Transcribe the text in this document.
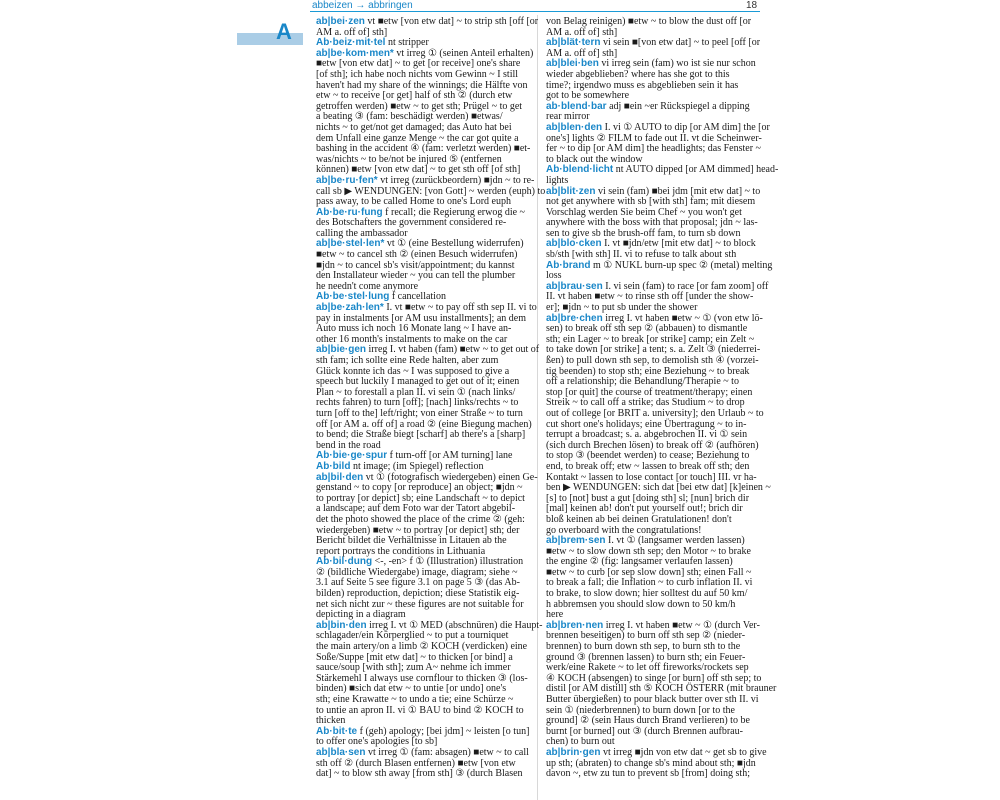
abbeizen → abbringen	18
A ab|bei·zen vt ■etw [von etw dat] ~ to strip sth [off [or
AM a. off of] sth]
Ab·beiz·mit·tel nt stripper
ab|be·kom·men* vt irreg ① (seinen Anteil erhalten)
■etw [von etw dat] ~ to get [or receive] one's share
[of sth]; ich habe noch nichts vom Gewinn ~ I still
haven't had my share of the winnings; die Hälfte von
etw ~ to receive [or get] half of sth ② (durch etw
getroffen werden) ■etw ~ to get sth; Prügel ~ to get
a beating ③ (fam: beschädigt werden) ■etwas/
nichts ~ to get/not get damaged; das Auto hat bei
dem Unfall eine ganze Menge ~ the car got quite a
bashing in the accident ④ (fam: verletzt werden) ■et-
was/nichts ~ to be/not be injured ⑤ (entfernen
können) ■etw [von etw dat] ~ to get sth off [of sth]
ab|be·ru·fen* vt irreg (zurückbeordern) ■jdn ~ to re-
call sb ▶ WENDUNGEN: [von Gott] ~ werden (euph) to
pass away, to be called Home to one's Lord euph
Ab·be·ru·fung f recall; die Regierung erwog die ~
des Botschafters the government considered re-
calling the ambassador
ab|be·stel·len* vt ① (eine Bestellung widerrufen)
■etw ~ to cancel sth ② (einen Besuch widerrufen)
■jdn ~ to cancel sb's visit/appointment; du kannst
den Installateur wieder ~ you can tell the plumber
he needn't come anymore
Ab·be·stel·lung f cancellation
ab|be·zah·len* I. vt ■etw ~ to pay off sth sep II. vi to
pay in instalments [or AM usu installments]; an dem
Auto muss ich noch 16 Monate lang ~ I have an-
other 16 month's instalments to make on the car
ab|bie·gen irreg I. vt haben (fam) ■etw ~ to get out of
sth fam; ich sollte eine Rede halten, aber zum
Glück konnte ich das ~ I was supposed to give a
speech but luckily I managed to get out of it; einen
Plan ~ to forestall a plan II. vi sein ① (nach links/
rechts fahren) to turn [off]; [nach] links/rechts ~ to
turn [off to the] left/right; von einer Straße ~ to turn
off [or AM a. off of] a road ② (eine Biegung machen)
to bend; die Straße biegt [scharf] ab there's a [sharp]
bend in the road
Ab·bie·ge·spur f turn-off [or AM turning] lane
Ab·bild nt image; (im Spiegel) reflection
ab|bil·den vt ① (fotografisch wiedergeben) einen Ge-
genstand ~ to copy [or reproduce] an object; ■jdn ~
to portray [or depict] sb; eine Landschaft ~ to depict
a landscape; auf dem Foto war der Tatort abgebil-
det the photo showed the place of the crime ② (geh:
wiedergeben) ■etw ~ to portray [or depict] sth; der
Bericht bildet die Verhältnisse in Litauen ab the
report portrays the conditions in Lithuania
Ab·bil·dung <-, -en> f ① (Illustration) illustration
② (bildliche Wiedergabe) image, diagram; siehe ~
3.1 auf Seite 5 see figure 3.1 on page 5 ③ (das Ab-
bilden) reproduction, depiction; diese Statistik eig-
net sich nicht zur ~ these figures are not suitable for
depicting in a diagram
ab|bin·den irreg I. vt ① MED (abschnüren) die Haupt-
schlagader/ein Körperglied ~ to put a tourniquet
the main artery/on a limb ② KOCH (verdicken) eine
Soße/Suppe [mit etw dat] ~ to thicken [or bind] a
sauce/soup [with sth]; zum A~ nehme ich immer
Stärkemehl I always use cornflour to thicken ③ (los-
binden) ■sich dat etw ~ to untie [or undo] one's
sth; eine Krawatte ~ to undo a tie; eine Schürze ~
to untie an apron II. vi ① BAU to bind ② KOCH to
thicken
Ab·bit·te f (geh) apology; [bei jdm] ~ leisten [o tun]
to offer one's apologies [to sb]
ab|bla·sen vt irreg ① (fam: absagen) ■etw ~ to call
sth off ② (durch Blasen entfernen) ■etw [von etw
dat] ~ to blow sth away [from sth] ③ (durch Blasen
von Belag reinigen) ■etw ~ to blow the dust off [or
AM a. off of] sth]
ab|blät·tern vi sein ■[von etw dat] ~ to peel [off [or
AM a. off of] sth]
ab|blei·ben vi irreg sein (fam) wo ist sie nur schon
wieder abgeblieben? where has she got to this
time?; irgendwo muss es abgeblieben sein it has
got to be somewhere
ab·blend·bar adj ■ein ~er Rückspiegel a dipping
rear mirror
ab|blen·den I. vi ① AUTO to dip [or AM dim] the [or
one's] lights ② FILM to fade out II. vt die Scheinwer-
fer ~ to dip [or AM dim] the headlights; das Fenster ~
to black out the window
Ab·blend·licht nt AUTO dipped [or AM dimmed] head-
lights
ab|blit·zen vi sein (fam) ■bei jdm [mit etw dat] ~ to
not get anywhere with sb [with sth] fam; mit diesem
Vorschlag werden Sie beim Chef ~ you won't get
anywhere with the boss with that proposal; jdn ~ las-
sen to give sb the brush-off fam, to turn sb down
ab|blo·cken I. vt ■jdn/etw [mit etw dat] ~ to block
sb/sth [with sth] II. vi to refuse to talk about sth
Ab·brand m ① NUKL burn-up spec ② (metal) melting
loss
ab|brau·sen I. vi sein (fam) to race [or fam zoom] off
II. vt haben ■etw ~ to rinse sth off [under the show-
er]; ■jdn ~ to put sb under the shower
ab|bre·chen irreg I. vt haben ■etw ~ ① (von etw lö-
sen) to break off sth sep ② (abbauen) to dismantle
sth; ein Lager ~ to break [or strike] camp; ein Zelt ~
to take down [or strike] a tent; s. a. Zelt ③ (niederrei-
ßen) to pull down sth sep, to demolish sth ④ (vorzei-
tig beenden) to stop sth; eine Beziehung ~ to break
off a relationship; die Behandlung/Therapie ~ to
stop [or quit] the course of treatment/therapy; einen
Streik ~ to call off a strike; das Studium ~ to drop
out of college [or BRIT a. university]; den Urlaub ~ to
cut short one's holidays; eine Übertragung ~ to in-
terrupt a broadcast; s. a. abgebrochen II. vi ① sein
(sich durch Brechen lösen) to break off ② (aufhören)
to stop ③ (beendet werden) to cease; Beziehung to
end, to break off; etw ~ lassen to break off sth; den
Kontakt ~ lassen to lose contact [or touch] III. vr ha-
ben ▶ WENDUNGEN: sich dat [bei etw dat] [k]einen ~
[s] to [not] bust a gut [doing sth] sl; [nun] brich dir
[mal] keinen ab! don't put yourself out!; brich dir
bloß keinen ab bei deinen Gratulationen! don't
go overboard with the congratulations!
ab|brem·sen I. vt ① (langsamer werden lassen)
■etw ~ to slow down sth sep; den Motor ~ to brake
the engine ② (fig: langsamer verlaufen lassen)
■etw ~ to curb [or sep slow down] sth; einen Fall ~
to break a fall; die Inflation ~ to curb inflation II. vi
to brake, to slow down; hier solltest du auf 50 km/
h abbremsen you should slow down to 50 km/h
here
ab|bren·nen irreg I. vt haben ■etw ~ ① (durch Ver-
brennen beseitigen) to burn off sth sep ② (nieder-
brennen) to burn down sth sep, to burn sth to the
ground ③ (brennen lassen) to burn sth; ein Feuer-
werk/eine Rakete ~ to let off fireworks/rockets sep
④ KOCH (absengen) to singe [or burn] off sth sep; to
distil [or AM distill] sth ⑤ KOCH ÖSTERR (mit brauner
Butter übergießen) to pour black butter over sth II. vi
sein ① (niederbrennen) to burn down [or to the
ground] ② (sein Haus durch Brand verlieren) to be
burnt [or burned] out ③ (durch Brennen aufbrau-
chen) to burn out
ab|brin·gen vt irreg ■jdn von etw dat ~ get sb to give
up sth; (abraten) to change sb's mind about sth; ■jdn
davon ~, etw zu tun to prevent sb [from] doing sth;
